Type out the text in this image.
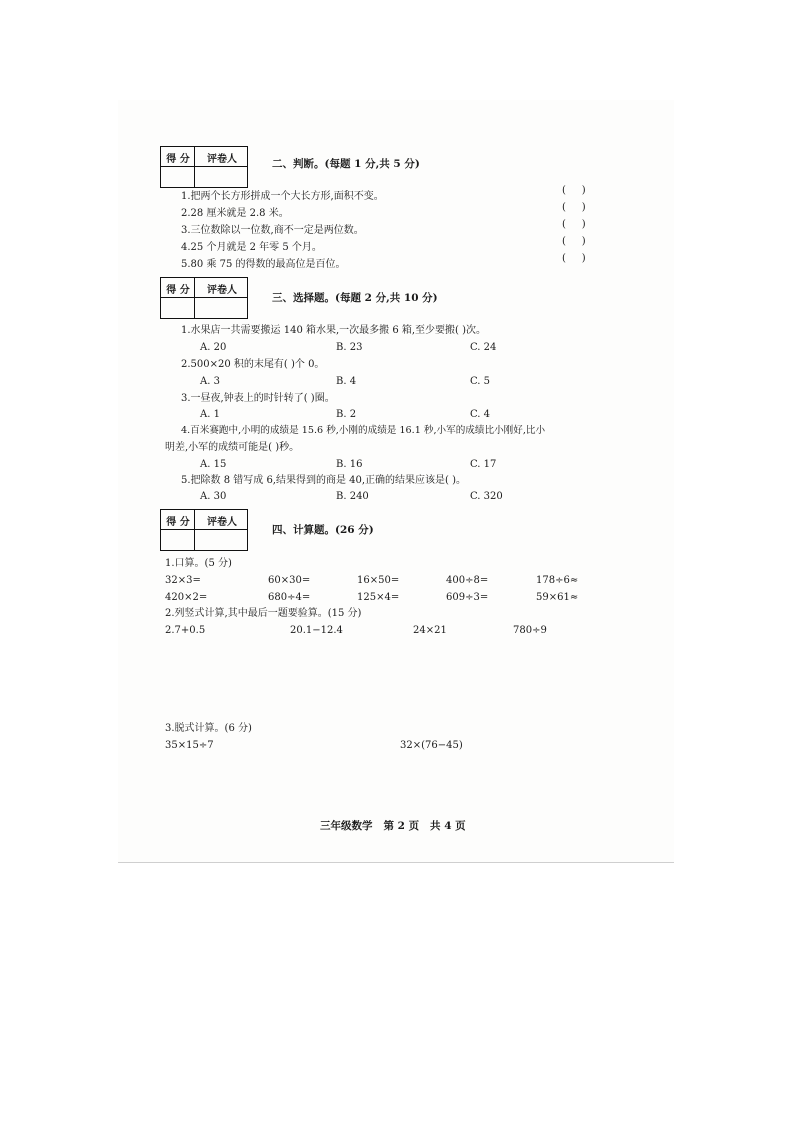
得 分	评卷人	二、判断。(每题 1 分,共 5 分)
1.把两个长方形拼成一个大长方形,面积不变。
2.28 厘米就是 2.8 米。
3.三位数除以一位数,商不一定是两位数。
4.25 个月就是 2 年零 5 个月。
5.80 乘 75 的得数的最高位是百位。
(     )
(     )
(     )
(     )
(     )
得 分	评卷人
三、选择题。(每题 2 分,共 10 分)
1.水果店一共需要搬运 140 箱水果,一次最多搬 6 箱,至少要搬( )次。
A. 20	B. 23	C. 24
2.500×20 积的末尾有( )个 0。
A. 3	B. 4	C. 5
3.一昼夜,钟表上的时针转了( )圈。
A. 1	B. 2	C. 4
4.百米赛跑中,小明的成绩是 15.6 秒,小刚的成绩是 16.1 秒,小军的成绩比小刚好,比小
明差,小军的成绩可能是( )秒。
A. 15	B. 16	C. 17
5.把除数 8 错写成 6,结果得到的商是 40,正确的结果应该是( )。
A. 30	B. 240	C. 320
得 分	评卷人
四、计算题。(26 分)
1.口算。(5 分)
32×3=	60×30=	16×50=	400÷8=	178÷6≈
420×2=	680÷4=	125×4=	609÷3=	59×61≈
2.列竖式计算,其中最后一题要验算。(15 分)
2.7+0.5	20.1−12.4	24×21	780÷9
3.脱式计算。(6 分)
35×15÷7	32×(76−45)
三年级数学   第 2 页   共 4 页
